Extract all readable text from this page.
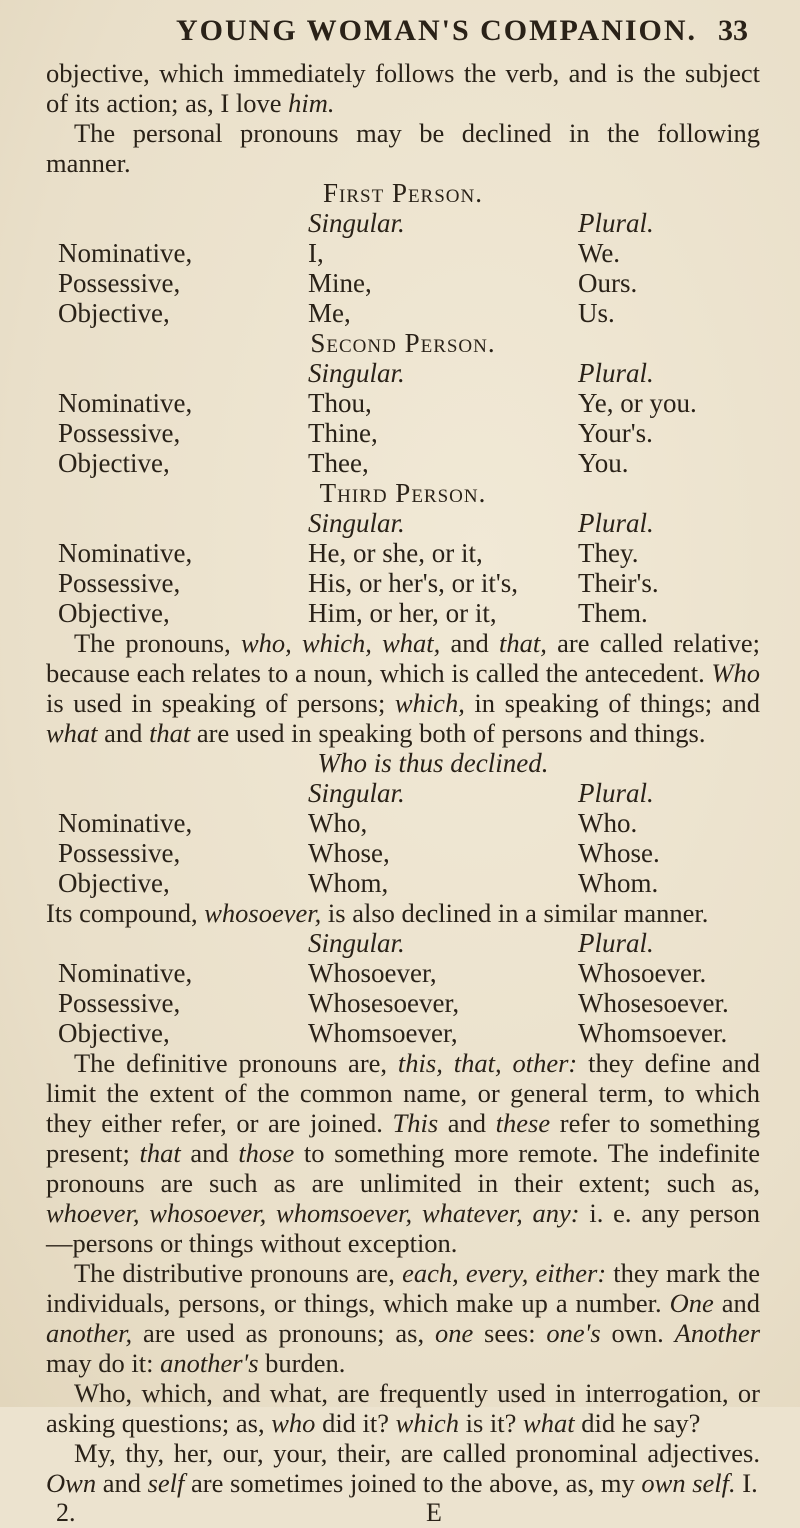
YOUNG WOMAN'S COMPANION. 33

objective, which immediately follows the verb, and is the subject of its action; as, I love him.

The personal pronouns may be declined in the following manner.

First Person.
Singular.	Plural.
Nominative,	I,	We.
Possessive,	Mine,	Ours.
Objective,	Me,	Us.
Second Person.
Singular.	Plural.
Nominative,	Thou,	Ye, or you.
Possessive,	Thine,	Your's.
Objective,	Thee,	You.
Third Person.
Singular.	Plural.
Nominative,	He, or she, or it,	They.
Possessive,	His, or her's, or it's,	Their's.
Objective,	Him, or her, or it,	Them.

The pronouns, who, which, what, and that, are called relative; because each relates to a noun, which is called the antecedent. Who is used in speaking of persons; which, in speaking of things; and what and that are used in speaking both of persons and things.

Who is thus declined.
Singular.	Plural.
Nominative,	Who,	Who.
Possessive,	Whose,	Whose.
Objective,	Whom,	Whom.

Its compound, whosoever, is also declined in a similar manner.

Singular.	Plural.
Nominative,	Whosoever,	Whosoever.
Possessive,	Whosesoever,	Whosesoever.
Objective,	Whomsoever,	Whomsoever.

The definitive pronouns are, this, that, other: they define and limit the extent of the common name, or general term, to which they either refer, or are joined. This and these refer to something present; that and those to something more remote. The indefinite pronouns are such as are unlimited in their extent; such as, whoever, whosoever, whomsoever, whatever, any: i. e. any person—persons or things without exception.

The distributive pronouns are, each, every, either: they mark the individuals, persons, or things, which make up a number. One and another, are used as pronouns; as, one sees: one's own. Another may do it: another's burden.

Who, which, and what, are frequently used in interrogation, or asking questions; as, who did it? which is it? what did he say?

My, thy, her, our, your, their, are called pronominal adjectives. Own and self are sometimes joined to the above, as, my own self. I.

2.	E
